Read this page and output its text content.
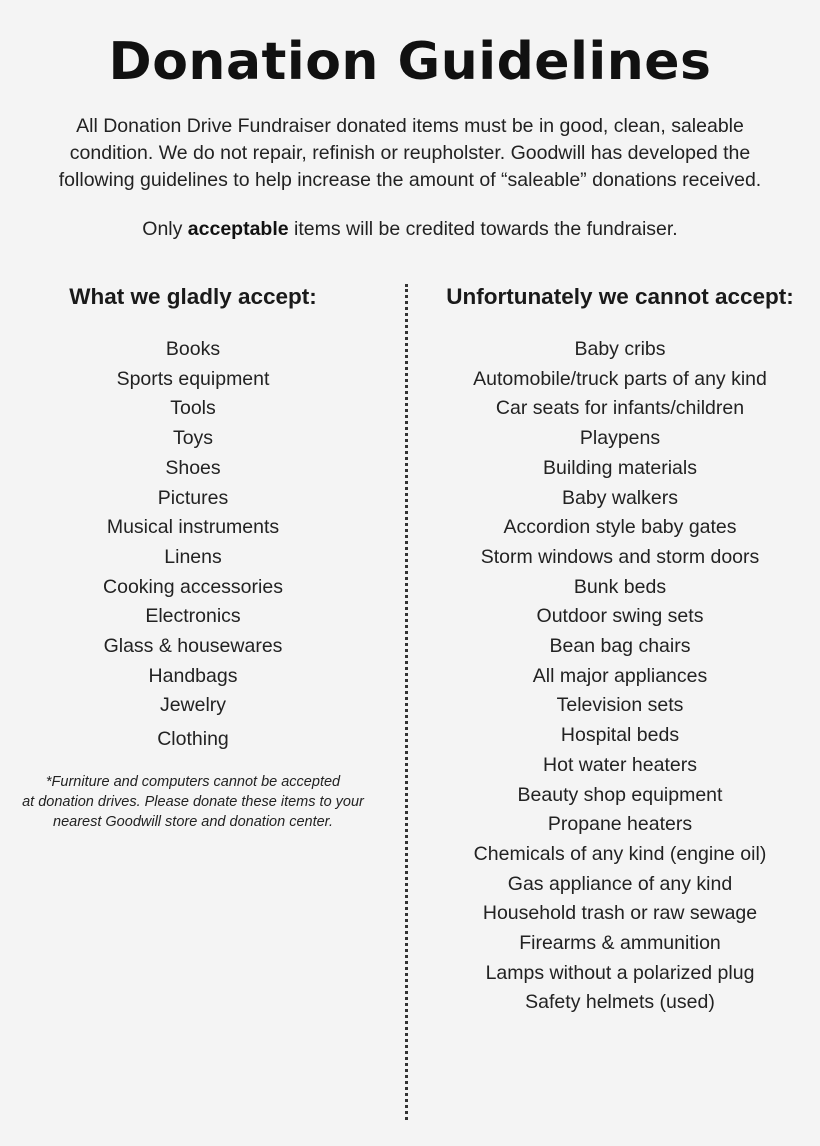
Donation Guidelines

All Donation Drive Fundraiser donated items must be in good, clean, saleable
condition. We do not repair, refinish or reupholster. Goodwill has developed the
following guidelines to help increase the amount of “saleable” donations received.

Only acceptable items will be credited towards the fundraiser.

What we gladly accept:	Unfortunately we cannot accept:
Books
Sports equipment
Tools
Toys
Shoes
Pictures
Musical instruments
Linens
Cooking accessories
Electronics
Glass & housewares
Handbags
Jewelry
Clothing

*Furniture and computers cannot be accepted
at donation drives. Please donate these items to your
nearest Goodwill store and donation center.

Baby cribs
Automobile/truck parts of any kind
Car seats for infants/children
Playpens
Building materials
Baby walkers
Accordion style baby gates
Storm windows and storm doors
Bunk beds
Outdoor swing sets
Bean bag chairs
All major appliances
Television sets
Hospital beds
Hot water heaters
Beauty shop equipment
Propane heaters
Chemicals of any kind (engine oil)
Gas appliance of any kind
Household trash or raw sewage
Firearms & ammunition
Lamps without a polarized plug
Safety helmets (used)
